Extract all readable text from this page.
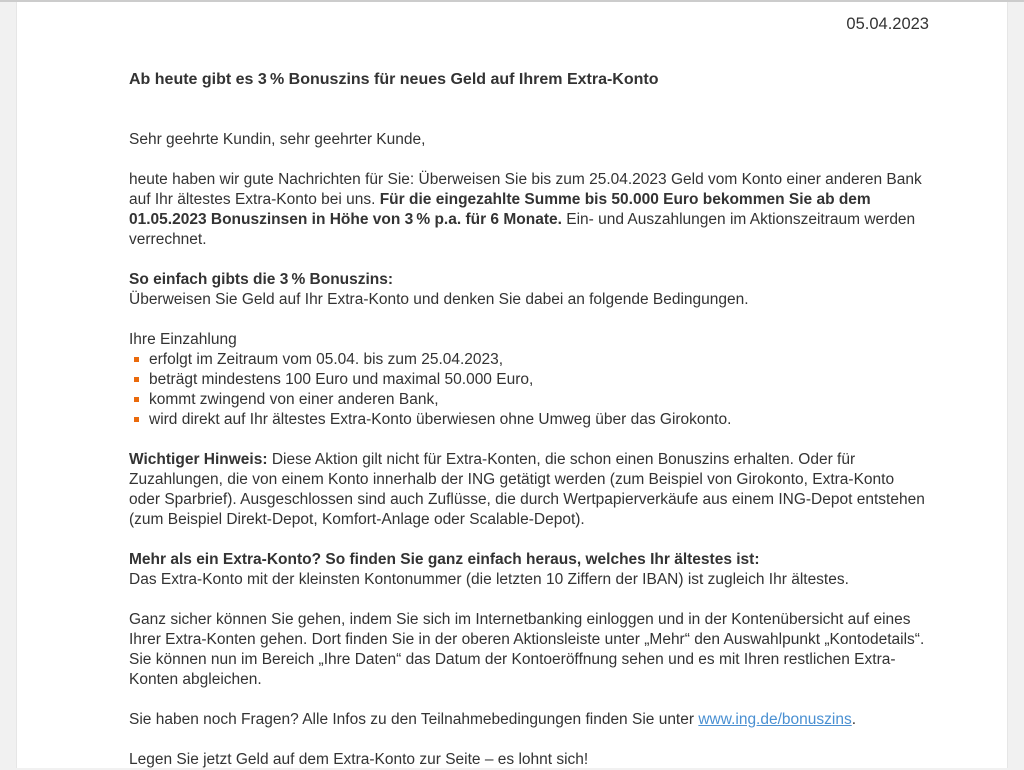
05.04.2023
Ab heute gibt es 3 % Bonuszins für neues Geld auf Ihrem Extra-Konto

Sehr geehrte Kundin, sehr geehrter Kunde,

heute haben wir gute Nachrichten für Sie: Überweisen Sie bis zum 25.04.2023 Geld vom Konto einer anderen Bank auf Ihr ältestes Extra-Konto bei uns. Für die eingezahlte Summe bis 50.000 Euro bekommen Sie ab dem 01.05.2023 Bonuszinsen in Höhe von 3 % p.a. für 6 Monate. Ein- und Auszahlungen im Aktionszeitraum werden verrechnet.

So einfach gibts die 3 % Bonuszins:

Überweisen Sie Geld auf Ihr Extra-Konto und denken Sie dabei an folgende Bedingungen.

Ihre Einzahlung

erfolgt im Zeitraum vom 05.04. bis zum 25.04.2023,
beträgt mindestens 100 Euro und maximal 50.000 Euro,
kommt zwingend von einer anderen Bank,
wird direkt auf Ihr ältestes Extra-Konto überwiesen ohne Umweg über das Girokonto.

Wichtiger Hinweis: Diese Aktion gilt nicht für Extra-Konten, die schon einen Bonuszins erhalten. Oder für Zuzahlungen, die von einem Konto innerhalb der ING getätigt werden (zum Beispiel von Girokonto, Extra-Konto oder Sparbrief). Ausgeschlossen sind auch Zuflüsse, die durch Wertpapierverkäufe aus einem ING-Depot entstehen (zum Beispiel Direkt-Depot, Komfort-Anlage oder Scalable-Depot).

Mehr als ein Extra-Konto? So finden Sie ganz einfach heraus, welches Ihr ältestes ist:

Das Extra-Konto mit der kleinsten Kontonummer (die letzten 10 Ziffern der IBAN) ist zugleich Ihr ältestes.

Ganz sicher können Sie gehen, indem Sie sich im Internetbanking einloggen und in der Kontenübersicht auf eines Ihrer Extra-Konten gehen. Dort finden Sie in der oberen Aktionsleiste unter „Mehr“ den Auswahlpunkt „Kontodetails“. Sie können nun im Bereich „Ihre Daten“ das Datum der Kontoeröffnung sehen und es mit Ihren restlichen Extra-Konten abgleichen.

Sie haben noch Fragen? Alle Infos zu den Teilnahmebedingungen finden Sie unter www.ing.de/bonuszins.

Legen Sie jetzt Geld auf dem Extra-Konto zur Seite – es lohnt sich!
